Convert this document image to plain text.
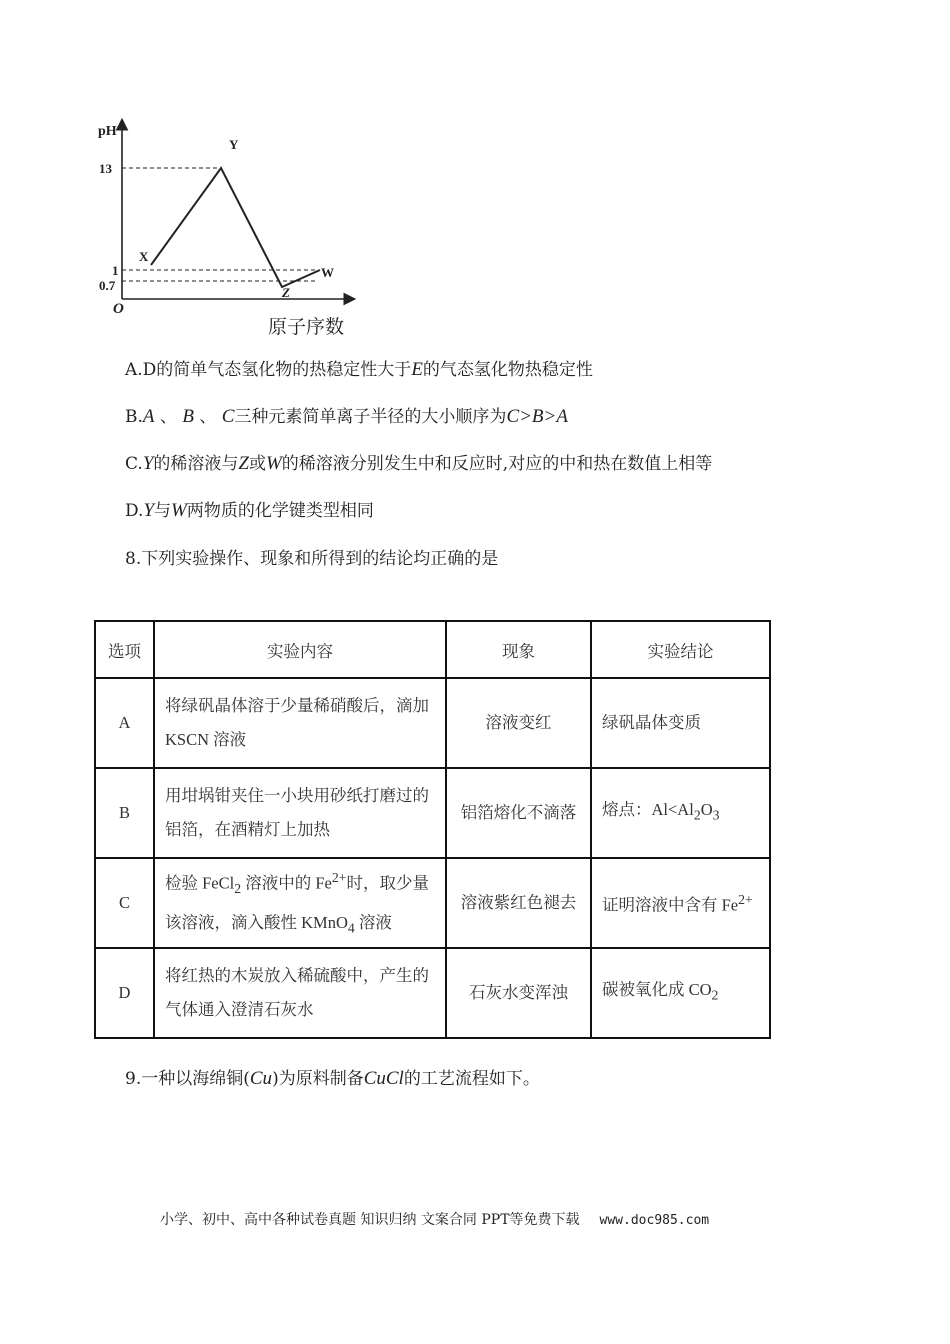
pH
O
13
1
0.7
X
Y
Z
W
原子序数
A.D的简单气态氢化物的热稳定性大于E的气态氢化物热稳定性
B.A 、 B 、 C三种元素简单离子半径的大小顺序为C>B>A
C.Y的稀溶液与Z或W的稀溶液分别发生中和反应时,对应的中和热在数值上相等
D.Y与W两物质的化学键类型相同
8.下列实验操作、现象和所得到的结论均正确的是
选项	实验内容	现象	实验结论
A	将绿矾晶体溶于少量稀硝酸后，滴加 KSCN 溶液	溶液变红	绿矾晶体变质
B	用坩埚钳夹住一小块用砂纸打磨过的铝箔，在酒精灯上加热	铝箔熔化不滴落	熔点：$Al<Al_2O_3$
C	检验 FeCl$_2$ 溶液中的 $Fe^{2+}$时，取少量该溶液，滴入酸性 KMnO$_4$ 溶液	溶液紫红色褪去	证明溶液中含有 $Fe^{2+}$
D	将红热的木炭放入稀硫酸中，产生的气体通入澄清石灰水	石灰水变浑浊	碳被氧化成 $CO_2$
9.一种以海绵铜(Cu)为原料制备CuCl的工艺流程如下。
小学、初中、高中各种试卷真题 知识归纳 文案合同 PPT等免费下载 www.doc985.com
